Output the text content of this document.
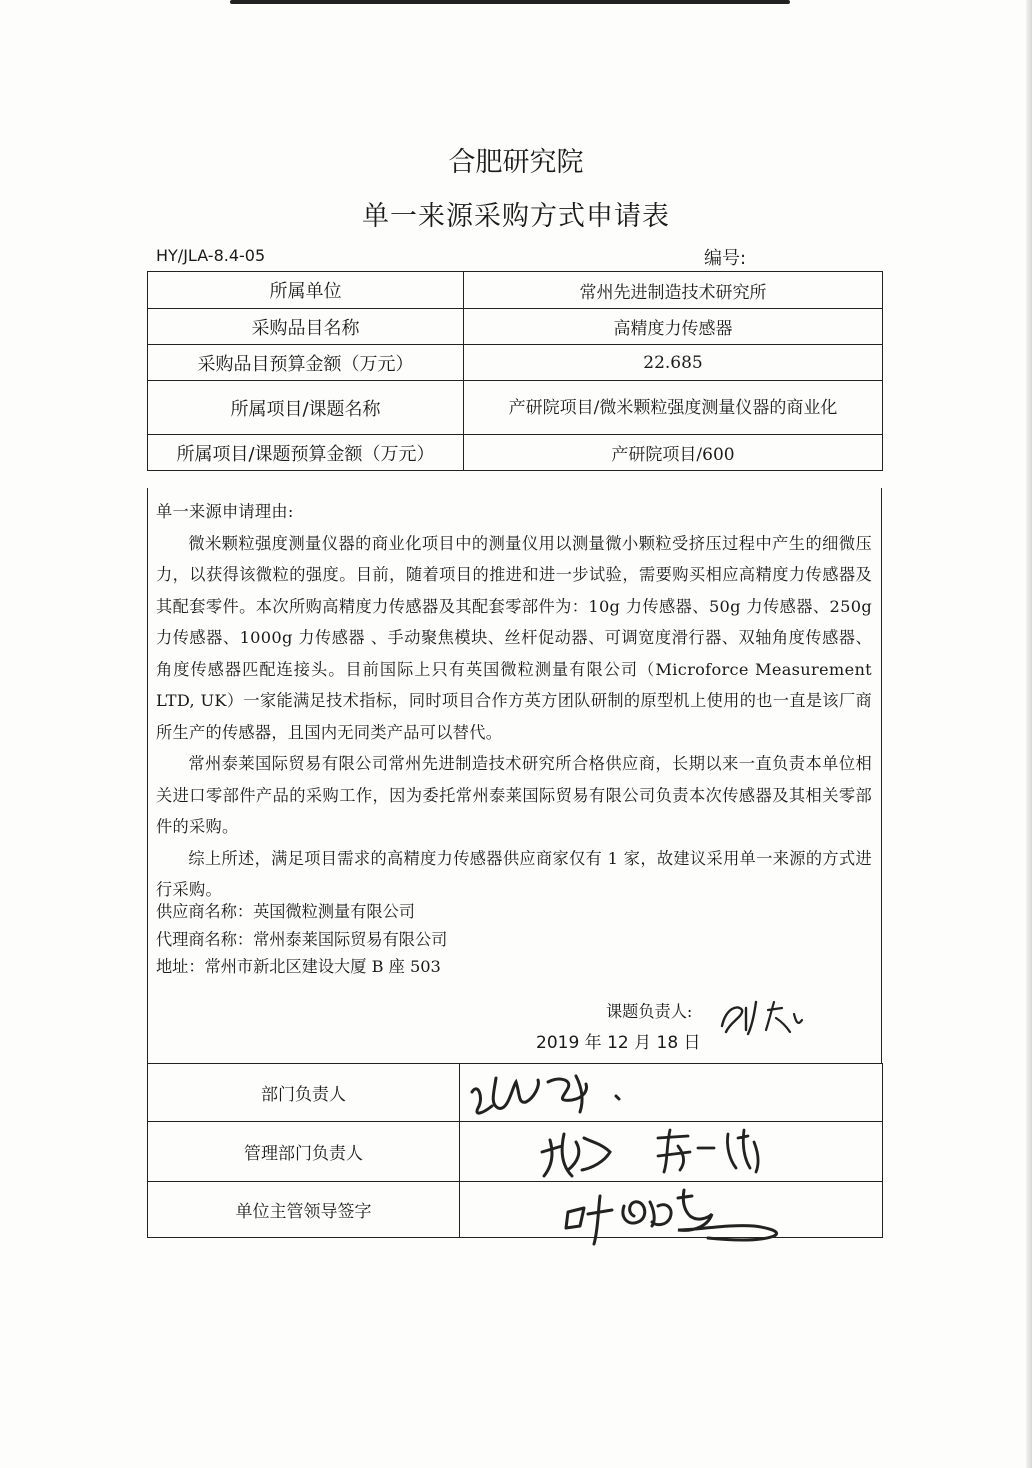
合肥研究院
单一来源采购方式申请表
HY/JLA-8.4-05	编号:
所属单位	常州先进制造技术研究所
采购品目名称	高精度力传感器
采购品目预算金额（万元）	22.685
所属项目/课题名称	产研院项目/微米颗粒强度测量仪器的商业化
所属项目/课题预算金额（万元）	产研院项目/600

单一来源申请理由:

微米颗粒强度测量仪器的商业化项目中的测量仪用以测量微小颗粒受挤压过程中产生的细微压力，以获得该微粒的强度。目前，随着项目的推进和进一步试验，需要购买相应高精度力传感器及其配套零件。本次所购高精度力传感器及其配套零部件为：10g 力传感器、50g 力传感器、250g 力传感器、1000g 力传感器 、手动聚焦模块、丝杆促动器、可调宽度滑行器、双轴角度传感器、角度传感器匹配连接头。目前国际上只有英国微粒测量有限公司（Microforce Measurement LTD, UK）一家能满足技术指标，同时项目合作方英方团队研制的原型机上使用的也一直是该厂商所生产的传感器，且国内无同类产品可以替代。

常州泰莱国际贸易有限公司常州先进制造技术研究所合格供应商，长期以来一直负责本单位相关进口零部件产品的采购工作，因为委托常州泰莱国际贸易有限公司负责本次传感器及其相关零部件的采购。

综上所述，满足项目需求的高精度力传感器供应商家仅有 1 家，故建议采用单一来源的方式进行采购。

供应商名称：英国微粒测量有限公司
代理商名称：常州泰莱国际贸易有限公司
地址：常州市新北区建设大厦 B 座 503
课题负责人:
2019 年 12 月 18 日
部门负责人	
管理部门负责人	
单位主管领导签字	
